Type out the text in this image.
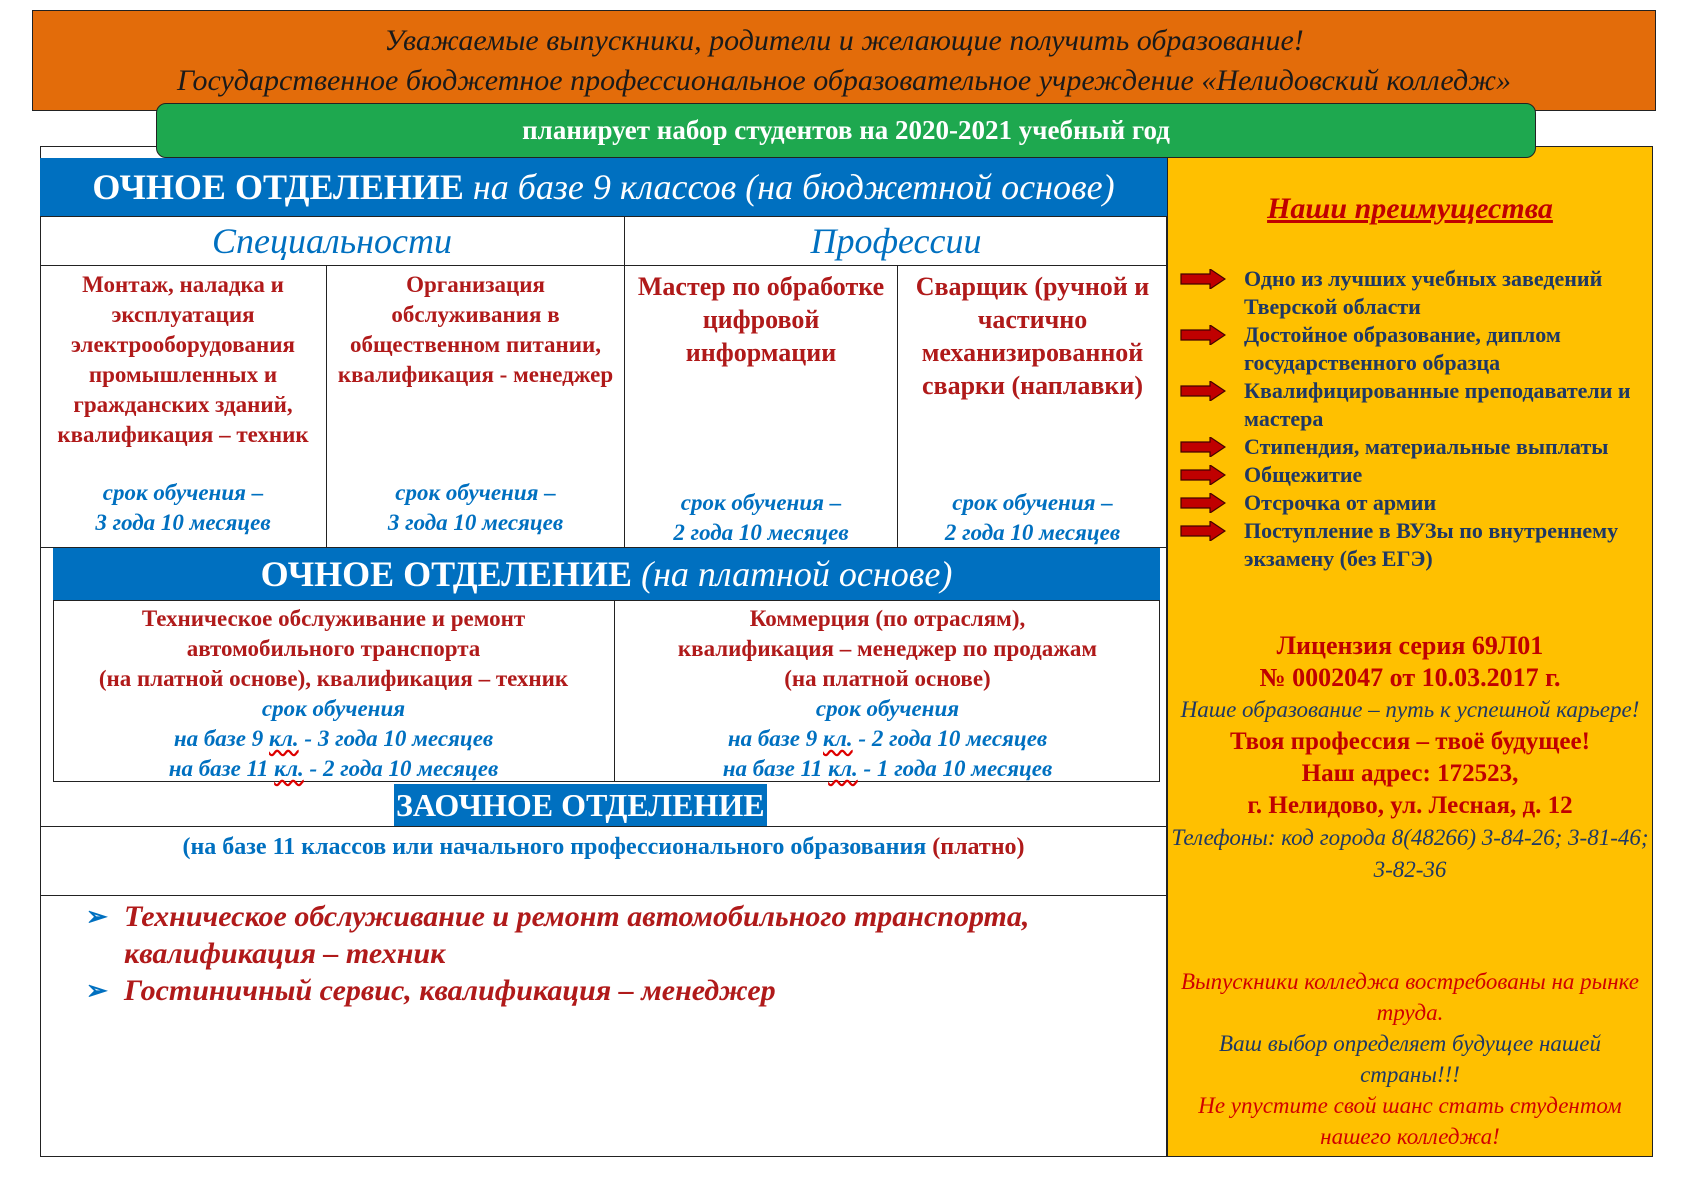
Уважаемые выпускники, родители и желающие получить образование!
Государственное бюджетное профессиональное образовательное учреждение «Нелидовский колледж»
планирует набор студентов на 2020-2021 учебный год
ОЧНОЕ ОТДЕЛЕНИЕ на базе 9 классов (на бюджетной основе)
Специальности	Профессии
Монтаж, наладка и эксплуатация электрооборудования промышленных и гражданских зданий, квалификация – техник
срок обучения –
3 года 10 месяцев
Организация обслуживания в общественном питании, квалификация - менеджер
срок обучения –
3 года 10 месяцев
Мастер по обработке цифровой информации
срок обучения –
2 года 10 месяцев
Сварщик (ручной и частично механизированной сварки (наплавки)
срок обучения –
2 года 10 месяцев
ОЧНОЕ ОТДЕЛЕНИЕ (на платной основе)
Техническое обслуживание и ремонт
автомобильного транспорта
(на платной основе), квалификация – техник
срок обучения
на базе 9 кл. - 3 года 10 месяцев
на базе 11 кл. - 2 года 10 месяцев
Коммерция (по отраслям),
квалификация – менеджер по продажам
(на платной основе)
срок обучения
на базе 9 кл. - 2 года 10 месяцев
на базе 11 кл. - 1 года 10 месяцев
ЗАОЧНОЕ ОТДЕЛЕНИЕ
(на базе 11 классов или начального профессионального образования (платно)
➢ Техническое обслуживание и ремонт автомобильного транспорта, квалификация – техник
➢ Гостиничный сервис, квалификация – менеджер
Наши преимущества
Одно из лучших учебных заведений Тверской области
Достойное образование, диплом государственного образца
Квалифицированные преподаватели и мастера
Стипендия, материальные выплаты
Общежитие
Отсрочка от армии
Поступление в ВУЗы по внутреннему экзамену (без ЕГЭ)
Лицензия серия 69Л01
№ 0002047 от 10.03.2017 г.
Наше образование – путь к успешной карьере!
Твоя профессия – твоё будущее!
Наш адрес: 172523,
г. Нелидово, ул. Лесная, д. 12
Телефоны: код города 8(48266) 3-84-26; 3-81-46; 3-82-36
Выпускники колледжа востребованы на рынке труда.
Ваш выбор определяет будущее нашей страны!!!
Не упустите свой шанс стать студентом нашего колледжа!
